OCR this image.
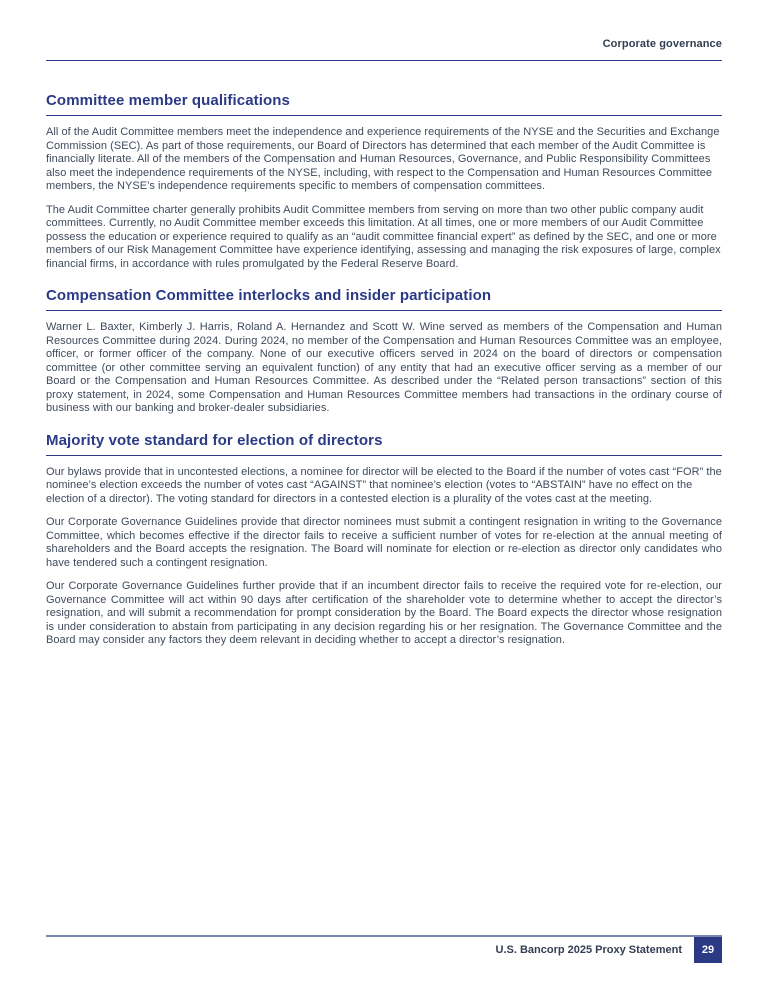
Corporate governance
Committee member qualifications

All of the Audit Committee members meet the independence and experience requirements of the NYSE and the Securities and Exchange Commission (SEC). As part of those requirements, our Board of Directors has determined that each member of the Audit Committee is financially literate. All of the members of the Compensation and Human Resources, Governance, and Public Responsibility Committees also meet the independence requirements of the NYSE, including, with respect to the Compensation and Human Resources Committee members, the NYSE’s independence requirements specific to members of compensation committees.

The Audit Committee charter generally prohibits Audit Committee members from serving on more than two other public company audit committees. Currently, no Audit Committee member exceeds this limitation. At all times, one or more members of our Audit Committee possess the education or experience required to qualify as an “audit committee financial expert” as defined by the SEC, and one or more members of our Risk Management Committee have experience identifying, assessing and managing the risk exposures of large, complex financial firms, in accordance with rules promulgated by the Federal Reserve Board.

Compensation Committee interlocks and insider participation

Warner L. Baxter, Kimberly J. Harris, Roland A. Hernandez and Scott W. Wine served as members of the Compensation and Human Resources Committee during 2024. During 2024, no member of the Compensation and Human Resources Committee was an employee, officer, or former officer of the company. None of our executive officers served in 2024 on the board of directors or compensation committee (or other committee serving an equivalent function) of any entity that had an executive officer serving as a member of our Board or the Compensation and Human Resources Committee. As described under the “Related person transactions” section of this proxy statement, in 2024, some Compensation and Human Resources Committee members had transactions in the ordinary course of business with our banking and broker-dealer subsidiaries.

Majority vote standard for election of directors

Our bylaws provide that in uncontested elections, a nominee for director will be elected to the Board if the number of votes cast “FOR” the nominee’s election exceeds the number of votes cast “AGAINST” that nominee’s election (votes to “ABSTAIN” have no effect on the election of a director). The voting standard for directors in a contested election is a plurality of the votes cast at the meeting.

Our Corporate Governance Guidelines provide that director nominees must submit a contingent resignation in writing to the Governance Committee, which becomes effective if the director fails to receive a sufficient number of votes for re-election at the annual meeting of shareholders and the Board accepts the resignation. The Board will nominate for election or re-election as director only candidates who have tendered such a contingent resignation.

Our Corporate Governance Guidelines further provide that if an incumbent director fails to receive the required vote for re-election, our Governance Committee will act within 90 days after certification of the shareholder vote to determine whether to accept the director’s resignation, and will submit a recommendation for prompt consideration by the Board. The Board expects the director whose resignation is under consideration to abstain from participating in any decision regarding his or her resignation. The Governance Committee and the Board may consider any factors they deem relevant in deciding whether to accept a director’s resignation.

U.S. Bancorp 2025 Proxy Statement	29
